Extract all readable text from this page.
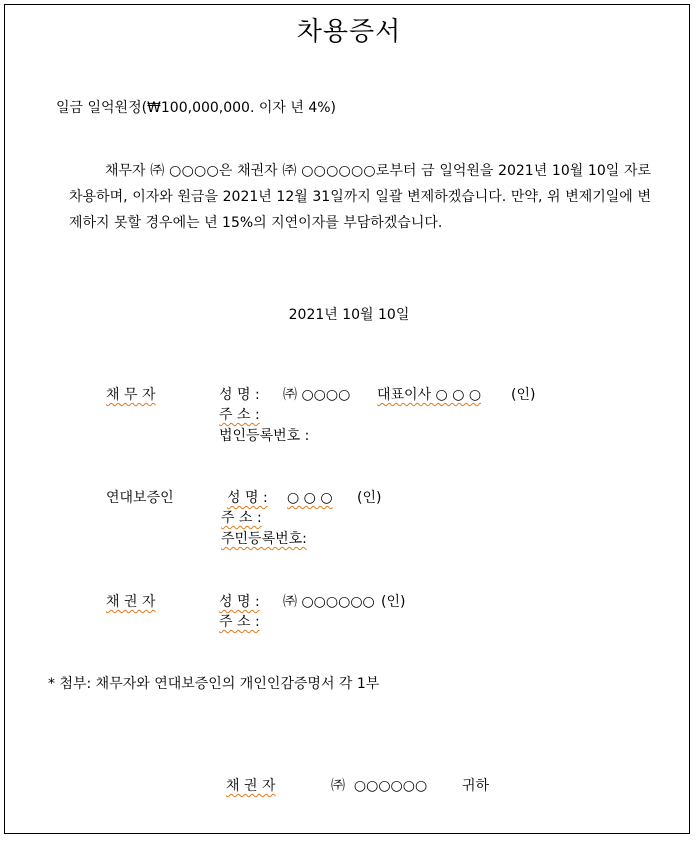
차용증서
일금 일억원정(₩100,000,000. 이자 년 4%)
채무자 ㈜ ○○○○은 채권자 ㈜ ○○○○○○로부터 금 일억원을 2021년 10월 10일 자로 차용하며, 이자와 원금을 2021년 12월 31일까지 일괄 변제하겠습니다. 만약, 위 변제기일에 변제하지 못할 경우에는 년 15%의 지연이자를 부담하겠습니다.
2021년 10월 10일
채 무 자	성 명 : ㈜ ○○○○ 대표이사 ○ ○ ○ (인)
주 소 :
법인등록번호 :
연대보증인	성 명 : ○ ○ ○ (인)
주 소 :
주민등록번호:
채 권 자	성 명 : ㈜ ○○○○○○ (인)
주 소 :
* 첨부: 채무자와 연대보증인의 개인인감증명서 각 1부
채 권 자	㈜  ○○○○○○ 귀하
